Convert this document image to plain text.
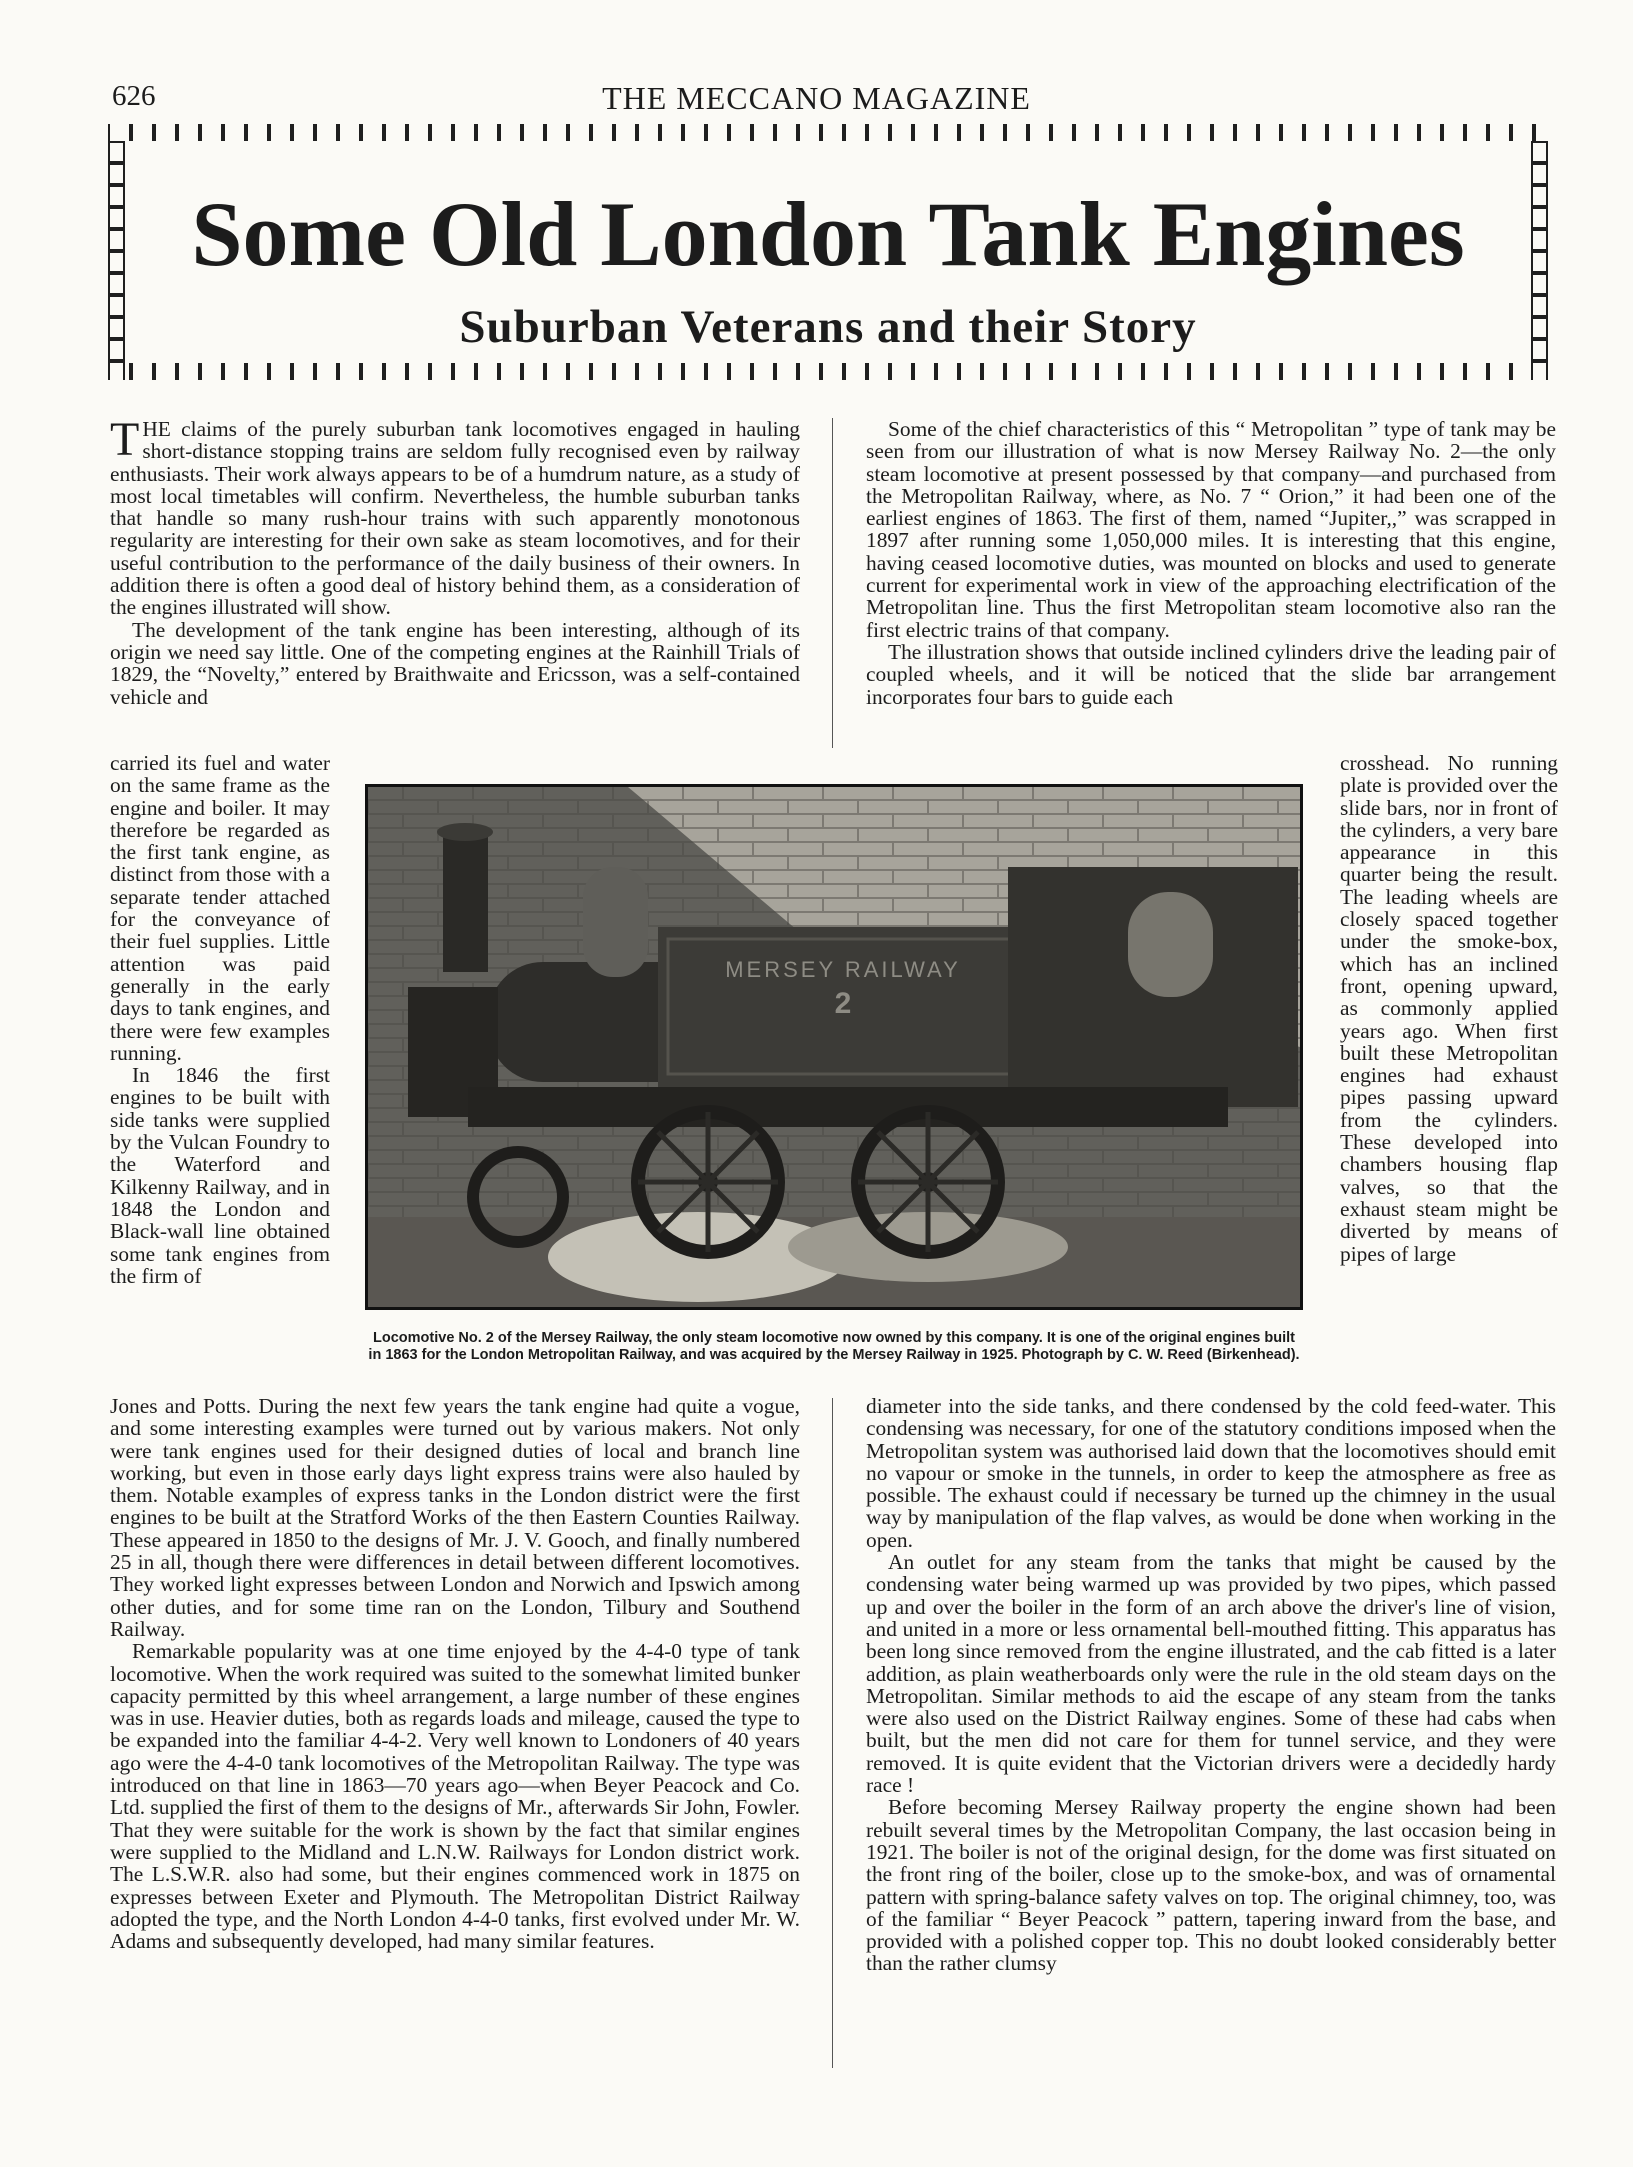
626	THE MECCANO MAGAZINE
Some Old London Tank Engines
Suburban Veterans and their Story

THE claims of the purely suburban tank locomotives engaged in hauling short-distance stopping trains are seldom fully recognised even by railway enthusiasts. Their work always appears to be of a humdrum nature, as a study of most local timetables will confirm. Nevertheless, the humble suburban tanks that handle so many rush-hour trains with such apparently monotonous regularity are interesting for their own sake as steam locomotives, and for their useful contribution to the performance of the daily business of their owners. In addition there is often a good deal of history behind them, as a consideration of the engines illustrated will show.

The development of the tank engine has been interesting, although of its origin we need say little. One of the competing engines at the Rainhill Trials of 1829, the “Novelty,” entered by Braithwaite and Ericsson, was a self-contained vehicle and

Some of the chief characteristics of this “ Metropolitan ” type of tank may be seen from our illustration of what is now Mersey Railway No. 2—the only steam locomotive at present possessed by that company—and purchased from the Metropolitan Railway, where, as No. 7 “ Orion,” it had been one of the earliest engines of 1863. The first of them, named “Jupiter,,” was scrapped in 1897 after running some 1,050,000 miles. It is interesting that this engine, having ceased locomotive duties, was mounted on blocks and used to generate current for experimental work in view of the approaching electrification of the Metropolitan line. Thus the first Metropolitan steam locomotive also ran the first electric trains of that company.

The illustration shows that outside inclined cylinders drive the leading pair of coupled wheels, and it will be noticed that the slide bar arrangement incorporates four bars to guide each

carried its fuel and water on the same frame as the engine and boiler. It may therefore be regarded as the first tank engine, as distinct from those with a separate tender attached for the conveyance of their fuel supplies. Little attention was paid generally in the early days to tank engines, and there were few examples running.

In 1846 the first engines to be built with side tanks were supplied by the Vulcan Foundry to the Waterford and Kilkenny Railway, and in 1848 the London and Black-wall line obtained some tank engines from the firm of

crosshead. No running plate is provided over the slide bars, nor in front of the cylinders, a very bare appearance in this quarter being the result. The leading wheels are closely spaced together under the smoke-box, which has an inclined front, opening upward, as commonly applied years ago. When first built these Metropolitan engines had exhaust pipes passing upward from the cylinders. These developed into chambers housing flap valves, so that the exhaust steam might be diverted by means of pipes of large

MERSEY RAILWAY
2
Locomotive No. 2 of the Mersey Railway, the only steam locomotive now owned by this company. It is one of the original engines built in 1863 for the London Metropolitan Railway, and was acquired by the Mersey Railway in 1925. Photograph by C. W. Reed (Birkenhead).

Jones and Potts. During the next few years the tank engine had quite a vogue, and some interesting examples were turned out by various makers. Not only were tank engines used for their designed duties of local and branch line working, but even in those early days light express trains were also hauled by them. Notable examples of express tanks in the London district were the first engines to be built at the Stratford Works of the then Eastern Counties Railway. These appeared in 1850 to the designs of Mr. J. V. Gooch, and finally numbered 25 in all, though there were differences in detail between different locomotives. They worked light expresses between London and Norwich and Ipswich among other duties, and for some time ran on the London, Tilbury and Southend Railway.

Remarkable popularity was at one time enjoyed by the 4-4-0 type of tank locomotive. When the work required was suited to the somewhat limited bunker capacity permitted by this wheel arrangement, a large number of these engines was in use. Heavier duties, both as regards loads and mileage, caused the type to be expanded into the familiar 4-4-2. Very well known to Londoners of 40 years ago were the 4-4-0 tank locomotives of the Metropolitan Railway. The type was introduced on that line in 1863—70 years ago—when Beyer Peacock and Co. Ltd. supplied the first of them to the designs of Mr., afterwards Sir John, Fowler. That they were suitable for the work is shown by the fact that similar engines were supplied to the Midland and L.N.W. Railways for London district work. The L.S.W.R. also had some, but their engines commenced work in 1875 on expresses between Exeter and Plymouth. The Metropolitan District Railway adopted the type, and the North London 4-4-0 tanks, first evolved under Mr. W. Adams and subsequently developed, had many similar features.

diameter into the side tanks, and there condensed by the cold feed-water. This condensing was necessary, for one of the statutory conditions imposed when the Metropolitan system was authorised laid down that the locomotives should emit no vapour or smoke in the tunnels, in order to keep the atmosphere as free as possible. The exhaust could if necessary be turned up the chimney in the usual way by manipulation of the flap valves, as would be done when working in the open.

An outlet for any steam from the tanks that might be caused by the condensing water being warmed up was provided by two pipes, which passed up and over the boiler in the form of an arch above the driver's line of vision, and united in a more or less ornamental bell-mouthed fitting. This apparatus has been long since removed from the engine illustrated, and the cab fitted is a later addition, as plain weatherboards only were the rule in the old steam days on the Metropolitan. Similar methods to aid the escape of any steam from the tanks were also used on the District Railway engines. Some of these had cabs when built, but the men did not care for them for tunnel service, and they were removed. It is quite evident that the Victorian drivers were a decidedly hardy race !

Before becoming Mersey Railway property the engine shown had been rebuilt several times by the Metropolitan Company, the last occasion being in 1921. The boiler is not of the original design, for the dome was first situated on the front ring of the boiler, close up to the smoke-box, and was of ornamental pattern with spring-balance safety valves on top. The original chimney, too, was of the familiar “ Beyer Peacock ” pattern, tapering inward from the base, and provided with a polished copper top. This no doubt looked considerably better than the rather clumsy
